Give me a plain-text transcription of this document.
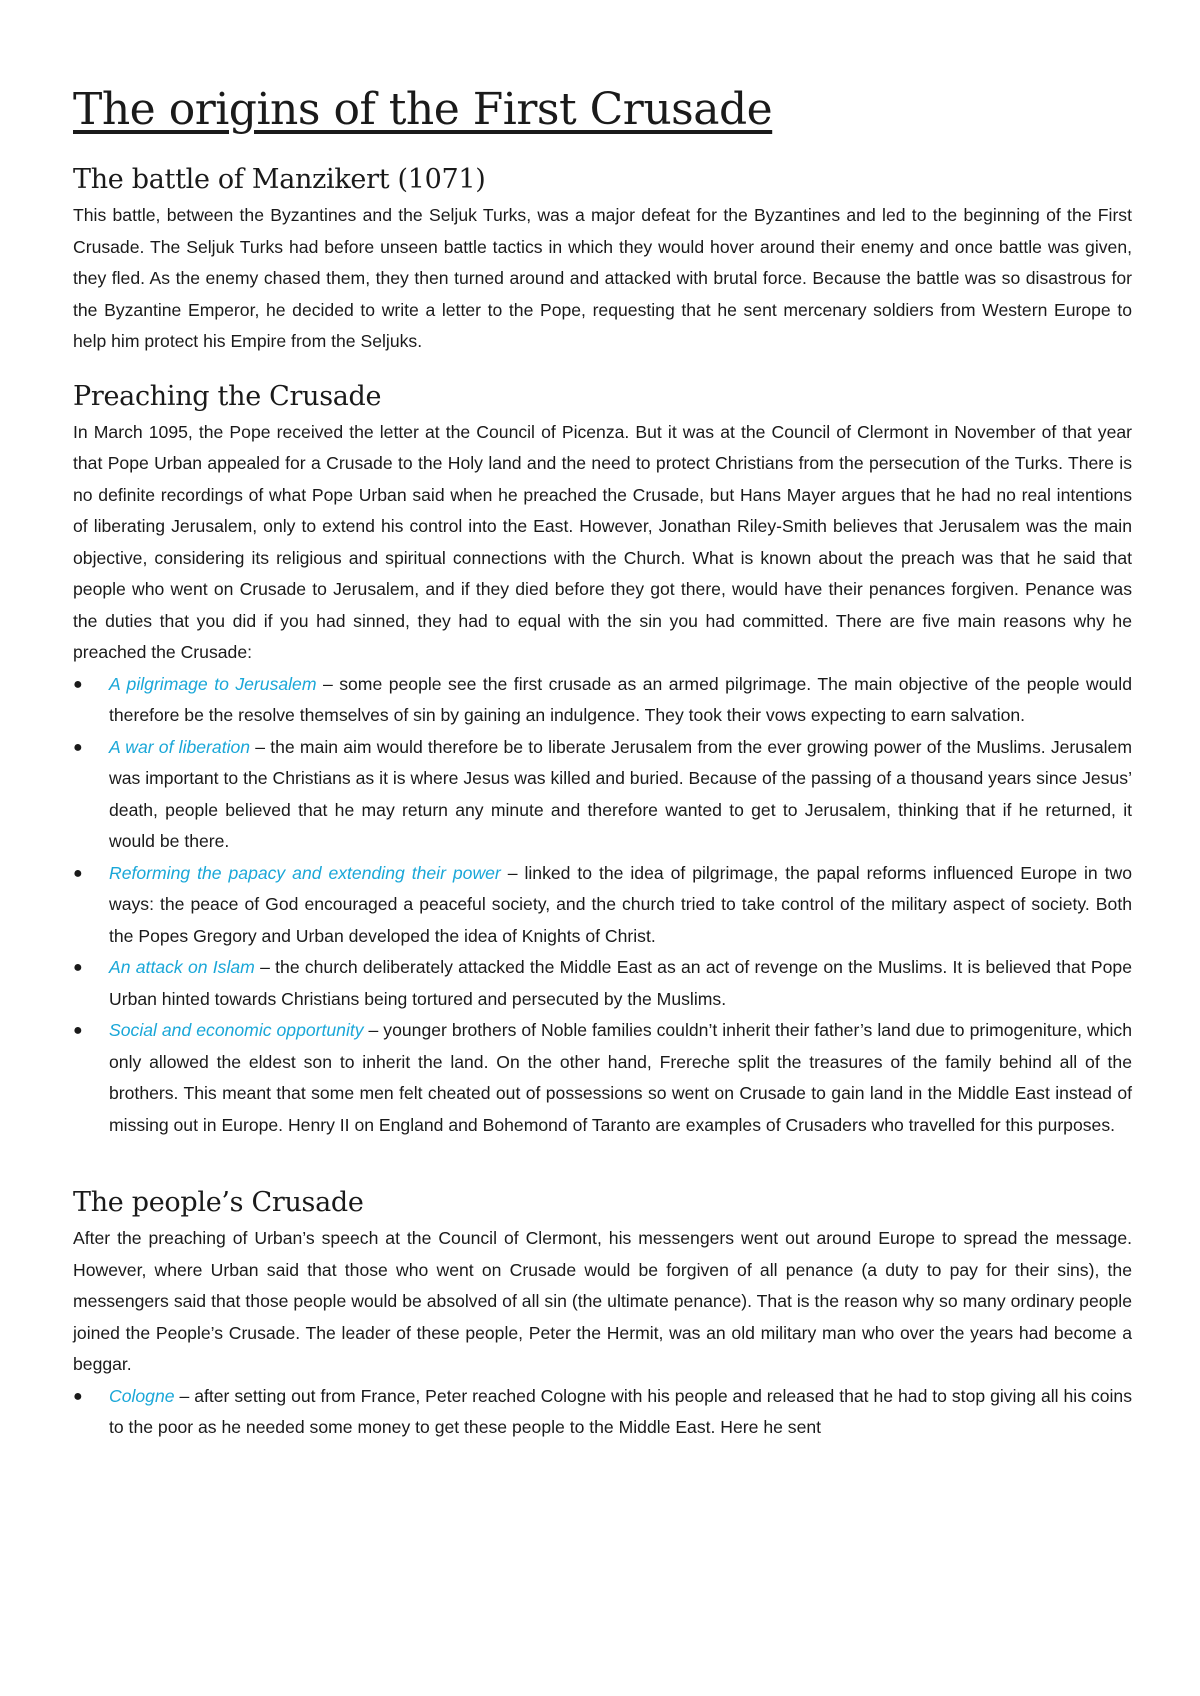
The origins of the First Crusade
The battle of Manzikert (1071)

This battle, between the Byzantines and the Seljuk Turks, was a major defeat for the Byzantines and led to the beginning of the First Crusade. The Seljuk Turks had before unseen battle tactics in which they would hover around their enemy and once battle was given, they fled. As the enemy chased them, they then turned around and attacked with brutal force. Because the battle was so disastrous for the Byzantine Emperor, he decided to write a letter to the Pope, requesting that he sent mercenary soldiers from Western Europe to help him protect his Empire from the Seljuks.

Preaching the Crusade

In March 1095, the Pope received the letter at the Council of Picenza. But it was at the Council of Clermont in November of that year that Pope Urban appealed for a Crusade to the Holy land and the need to protect Christians from the persecution of the Turks. There is no definite recordings of what Pope Urban said when he preached the Crusade, but Hans Mayer argues that he had no real intentions of liberating Jerusalem, only to extend his control into the East. However, Jonathan Riley-Smith believes that Jerusalem was the main objective, considering its religious and spiritual connections with the Church. What is known about the preach was that he said that people who went on Crusade to Jerusalem, and if they died before they got there, would have their penances forgiven. Penance was the duties that you did if you had sinned, they had to equal with the sin you had committed. There are five main reasons why he preached the Crusade:

●	A pilgrimage to Jerusalem – some people see the first crusade as an armed pilgrimage. The main objective of the people would therefore be the resolve themselves of sin by gaining an indulgence. They took their vows expecting to earn salvation.
●	A war of liberation – the main aim would therefore be to liberate Jerusalem from the ever growing power of the Muslims. Jerusalem was important to the Christians as it is where Jesus was killed and buried. Because of the passing of a thousand years since Jesus’ death, people believed that he may return any minute and therefore wanted to get to Jerusalem, thinking that if he returned, it would be there.
●	Reforming the papacy and extending their power – linked to the idea of pilgrimage, the papal reforms influenced Europe in two ways: the peace of God encouraged a peaceful society, and the church tried to take control of the military aspect of society. Both the Popes Gregory and Urban developed the idea of Knights of Christ.
●	An attack on Islam – the church deliberately attacked the Middle East as an act of revenge on the Muslims. It is believed that Pope Urban hinted towards Christians being tortured and persecuted by the Muslims.
●	Social and economic opportunity – younger brothers of Noble families couldn’t inherit their father’s land due to primogeniture, which only allowed the eldest son to inherit the land. On the other hand, Frereche split the treasures of the family behind all of the brothers. This meant that some men felt cheated out of possessions so went on Crusade to gain land in the Middle East instead of missing out in Europe. Henry II on England and Bohemond of Taranto are examples of Crusaders who travelled for this purposes.
The people’s Crusade

After the preaching of Urban’s speech at the Council of Clermont, his messengers went out around Europe to spread the message. However, where Urban said that those who went on Crusade would be forgiven of all penance (a duty to pay for their sins), the messengers said that those people would be absolved of all sin (the ultimate penance). That is the reason why so many ordinary people joined the People’s Crusade. The leader of these people, Peter the Hermit, was an old military man who over the years had become a beggar.

●	Cologne – after setting out from France, Peter reached Cologne with his people and released that he had to stop giving all his coins to the poor as he needed some money to get these people to the Middle East. Here he sent
